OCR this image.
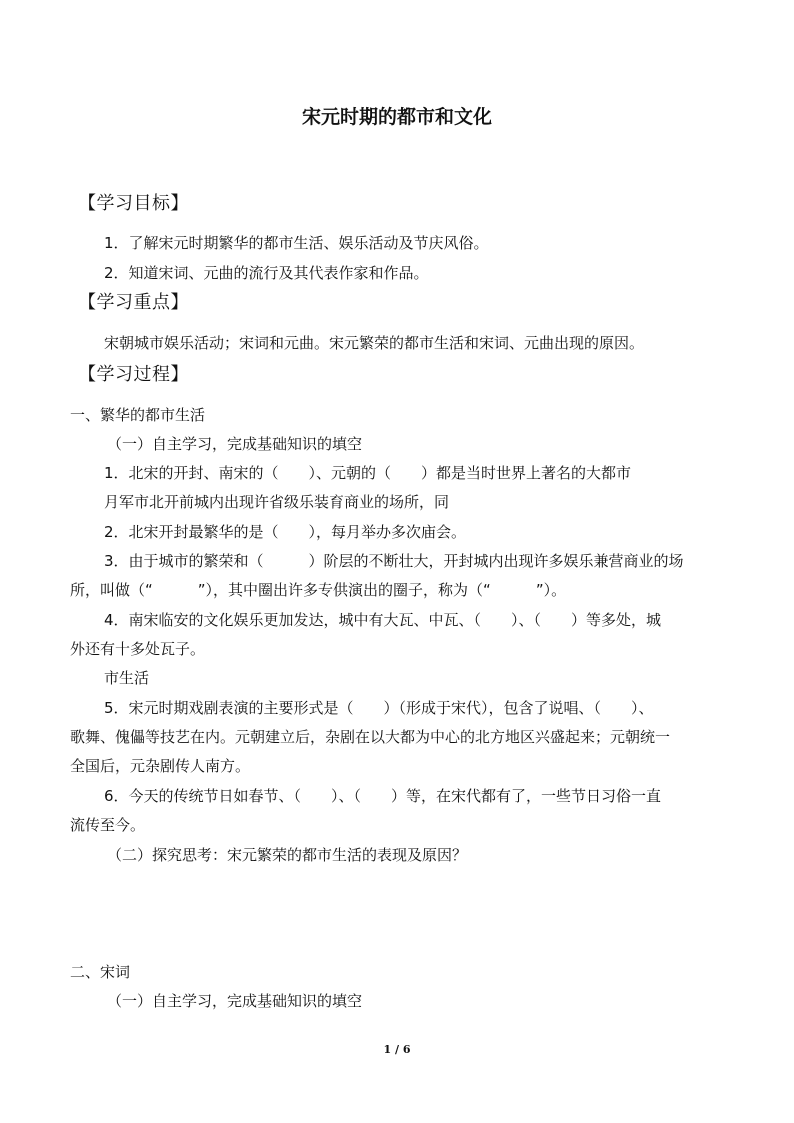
宋元时期的都市和文化
【学习目标】
1．了解宋元时期繁华的都市生活、娱乐活动及节庆风俗。
2．知道宋词、元曲的流行及其代表作家和作品。
【学习重点】
宋朝城市娱乐活动；宋词和元曲。宋元繁荣的都市生活和宋词、元曲出现的原因。
【学习过程】
一、繁华的都市生活
（一）自主学习，完成基础知识的填空
1．北宋的开封、南宋的（　　）、元朝的（　　）都是当时世界上著名的大都市
月军市北开前城内出现许省级乐装育商业的场所，同
2．北宋开封最繁华的是（　　），每月举办多次庙会。
3．由于城市的繁荣和（　　　）阶层的不断壮大，开封城内出现许多娱乐兼营商业的场
所，叫做（“　　　”），其中圈出许多专供演出的圈子，称为（“　　　”）。
4．南宋临安的文化娱乐更加发达，城中有大瓦、中瓦、（　　）、（　　）等多处，城
外还有十多处瓦子。
市生活
5．宋元时期戏剧表演的主要形式是（　　）（形成于宋代），包含了说唱、（　　）、
歌舞、傀儡等技艺在内。元朝建立后，杂剧在以大都为中心的北方地区兴盛起来；元朝统一
全国后，元杂剧传人南方。
6．今天的传统节日如春节、（　　）、（　　）等，在宋代都有了，一些节日习俗一直
流传至今。
（二）探究思考：宋元繁荣的都市生活的表现及原因？
二、宋词
（一）自主学习，完成基础知识的填空
1 / 6
